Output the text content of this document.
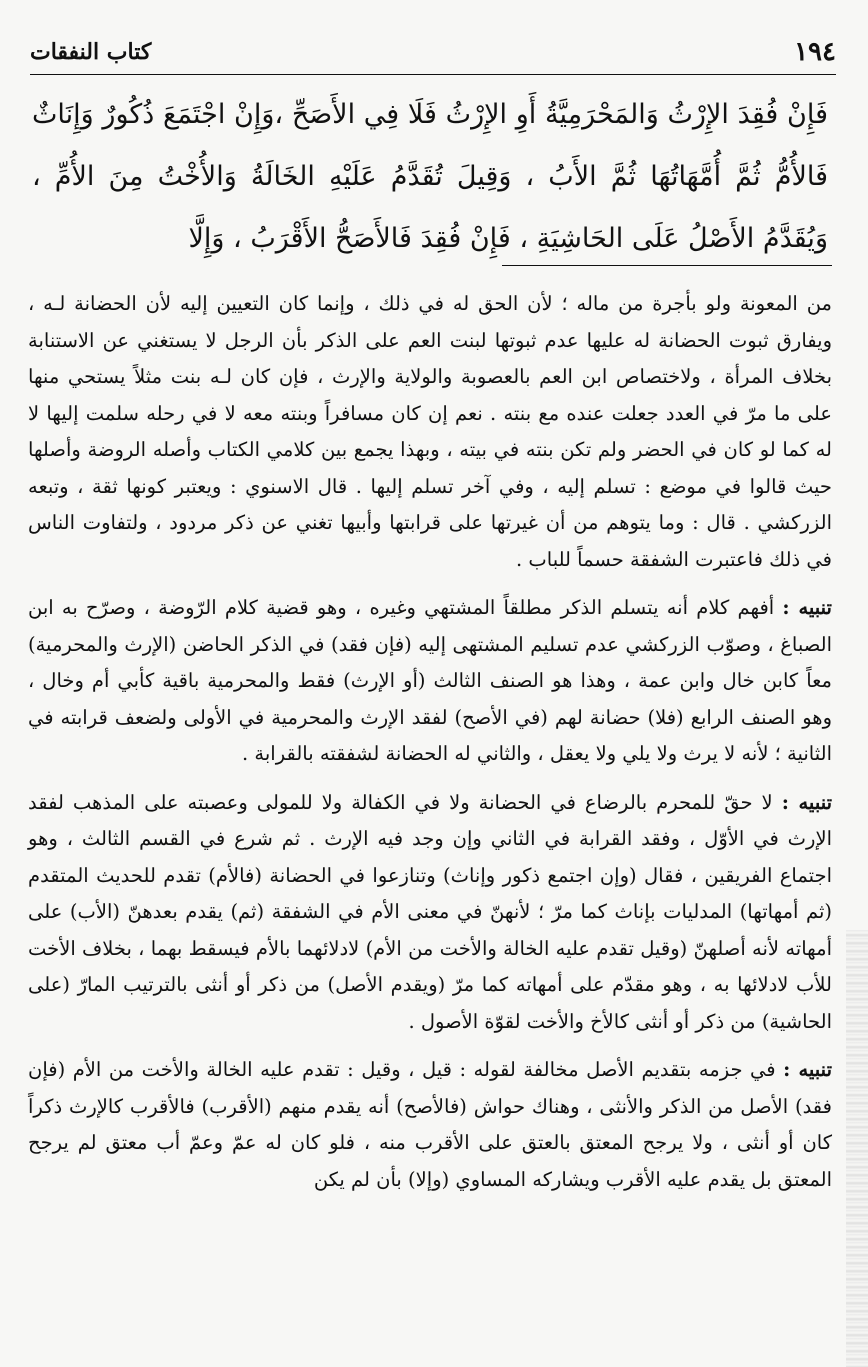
١٩٤
كتاب النفقات
فَإِنْ فُقِدَ الإِرْثُ وَالمَحْرَمِيَّةُ أَوِ الإِرْثُ فَلَا فِي الأَصَحِّ ،وَإِنْ اجْتَمَعَ ذُكُورٌ وَإِنَاثٌ فَالأُمُّ ثُمَّ أُمَّهَاتُهَا ثُمَّ الأَبُ ، وَقِيلَ تُقَدَّمُ عَلَيْهِ الخَالَةُ وَالأُخْتُ مِنَ الأُمِّ ، وَيُقَدَّمُ الأَصْلُ عَلَى الحَاشِيَةِ ، فَإِنْ فُقِدَ فَالأَصَحُّ الأَقْرَبُ ، وَإِلَّا

من المعونة ولو بأجرة من ماله ؛ لأن الحق له في ذلك ، وإنما كان التعيين إليه لأن الحضانة لـه ، ويفارق ثبوت الحضانة له عليها عدم ثبوتها لبنت العم على الذكر بأن الرجل لا يستغني عن الاستنابة بخلاف المرأة ، ولاختصاص ابن العم بالعصوبة والولاية والإرث ، فإن كان لـه بنت مثلاً يستحي منها على ما مرّ في العدد جعلت عنده مع بنته . نعم إن كان مسافراً وبنته معه لا في رحله سلمت إليها لا له كما لو كان في الحضر ولم تكن بنته في بيته ، وبهذا يجمع بين كلامي الكتاب وأصله الروضة وأصلها حيث قالوا في موضع : تسلم إليه ، وفي آخر تسلم إليها . قال الاسنوي : ويعتبر كونها ثقة ، وتبعه الزركشي . قال : وما يتوهم من أن غيرتها على قرابتها وأبيها تغني عن ذكر مردود ، ولتفاوت الناس في ذلك فاعتبرت الشفقة حسماً للباب .

تنبيه : أفهم كلام أنه يتسلم الذكر مطلقاً المشتهي وغيره ، وهو قضية كلام الرّوضة ، وصرّح به ابن الصباغ ، وصوّب الزركشي عدم تسليم المشتهى إليه (فإن فقد) في الذكر الحاضن (الإرث والمحرمية) معاً كابن خال وابن عمة ، وهذا هو الصنف الثالث (أو الإرث) فقط والمحرمية باقية كأبي أم وخال ، وهو الصنف الرابع (فلا) حضانة لهم (في الأصح) لفقد الإرث والمحرمية في الأولى ولضعف قرابته في الثانية ؛ لأنه لا يرث ولا يلي ولا يعقل ، والثاني له الحضانة لشفقته بالقرابة .

تنبيه : لا حقّ للمحرم بالرضاع في الحضانة ولا في الكفالة ولا للمولى وعصبته على المذهب لفقد الإرث في الأوّل ، وفقد القرابة في الثاني وإن وجد فيه الإرث . ثم شرع في القسم الثالث ، وهو اجتماع الفريقين ، فقال (وإن اجتمع ذكور وإناث) وتنازعوا في الحضانة (فالأم) تقدم للحديث المتقدم (ثم أمهاتها) المدليات بإناث كما مرّ ؛ لأنهنّ في معنى الأم في الشفقة (ثم) يقدم بعدهنّ (الأب) على أمهاته لأنه أصلهنّ (وقيل تقدم عليه الخالة والأخت من الأم) لادلائهما بالأم فيسقط بهما ، بخلاف الأخت للأب لادلائها به ، وهو مقدّم على أمهاته كما مرّ (ويقدم الأصل) من ذكر أو أنثى بالترتيب المارّ (على الحاشية) من ذكر أو أنثى كالأخ والأخت لقوّة الأصول .

تنبيه : في جزمه بتقديم الأصل مخالفة لقوله : قيل ، وقيل : تقدم عليه الخالة والأخت من الأم (فإن فقد) الأصل من الذكر والأنثى ، وهناك حواش (فالأصح) أنه يقدم منهم (الأقرب) فالأقرب كالإرث ذكراً كان أو أنثى ، ولا يرجح المعتق بالعتق على الأقرب منه ، فلو كان له عمّ وعمّ أب معتق لم يرجح المعتق بل يقدم عليه الأقرب ويشاركه المساوي (وإلا) بأن لم يكن
